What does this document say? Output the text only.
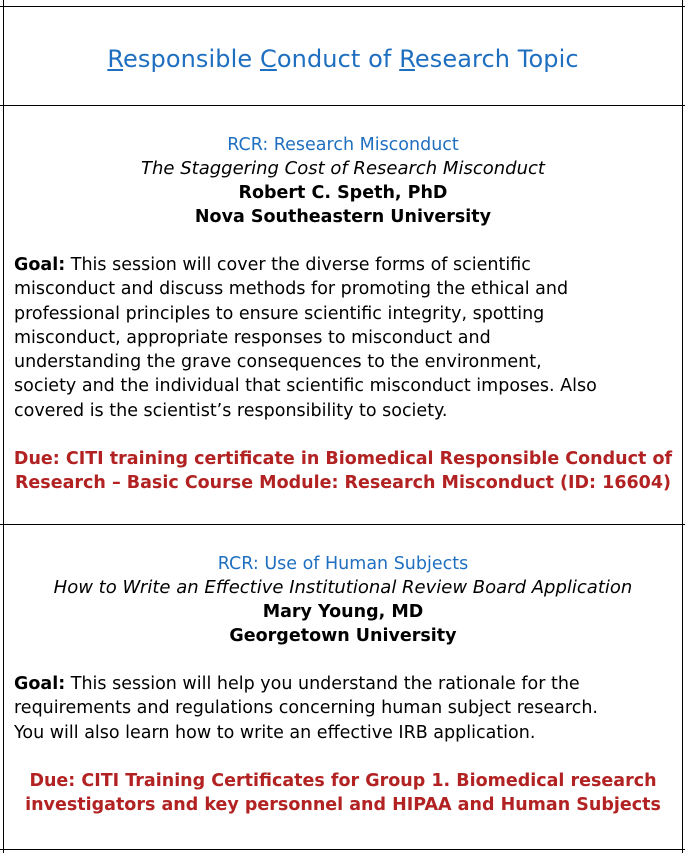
Responsible Conduct of Research Topic
RCR: Research Misconduct
The Staggering Cost of Research Misconduct
Robert C. Speth, PhD
Nova Southeastern University
Goal: This session will cover the diverse forms of scientific
misconduct and discuss methods for promoting the ethical and
professional principles to ensure scientific integrity, spotting
misconduct, appropriate responses to misconduct and
understanding the grave consequences to the environment,
society and the individual that scientific misconduct imposes. Also
covered is the scientist’s responsibility to society.
Due: CITI training certificate in Biomedical Responsible Conduct of
Research – Basic Course Module: Research Misconduct (ID: 16604)
RCR: Use of Human Subjects
How to Write an Effective Institutional Review Board Application
Mary Young, MD
Georgetown University
Goal: This session will help you understand the rationale for the
requirements and regulations concerning human subject research.
You will also learn how to write an effective IRB application.
Due: CITI Training Certificates for Group 1. Biomedical research
investigators and key personnel and HIPAA and Human Subjects
